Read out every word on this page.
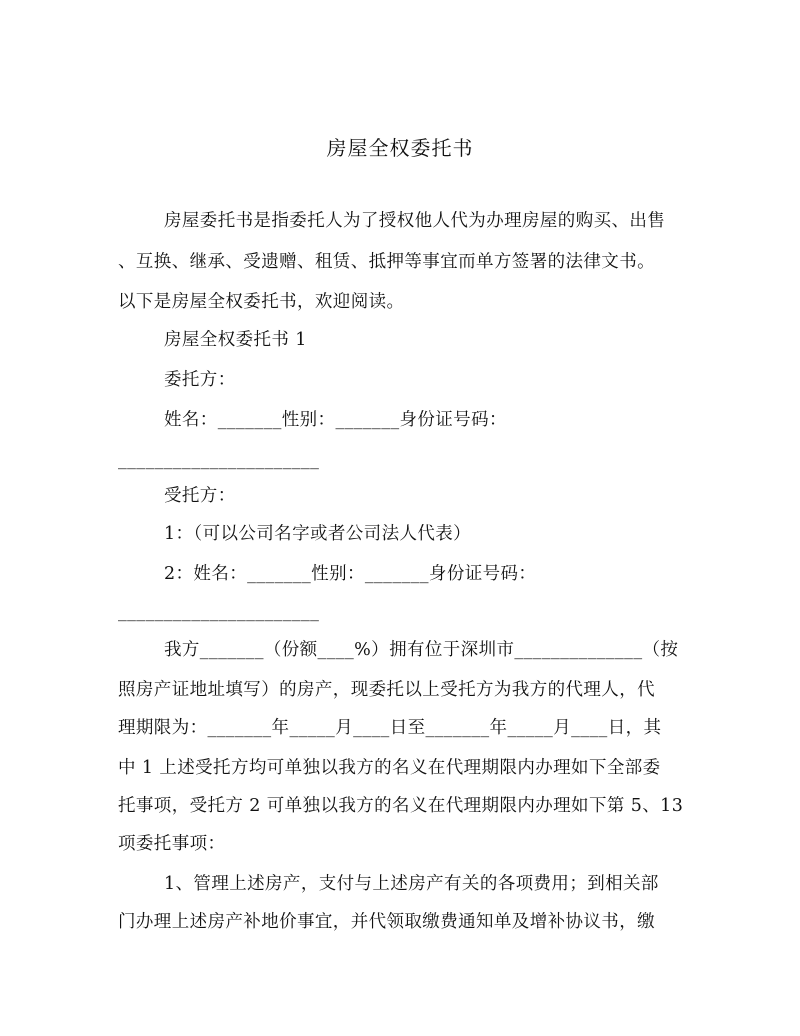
房屋全权委托书
房屋委托书是指委托人为了授权他人代为办理房屋的购买、出售
、互换、继承、受遗赠、租赁、抵押等事宜而单方签署的法律文书。
以下是房屋全权委托书，欢迎阅读。
房屋全权委托书 1
委托方：
姓名：_______性别：_______身份证号码：
______________________
受托方：
1：（可以公司名字或者公司法人代表）
2：姓名：_______性别：_______身份证号码：
______________________
我方_______（份额____%）拥有位于深圳市______________（按
照房产证地址填写）的房产，现委托以上受托方为我方的代理人，代
理期限为：_______年_____月____日至_______年_____月____日，其
中 1 上述受托方均可单独以我方的名义在代理期限内办理如下全部委
托事项，受托方 2 可单独以我方的名义在代理期限内办理如下第 5、13
项委托事项：
1、管理上述房产，支付与上述房产有关的各项费用；到相关部
门办理上述房产补地价事宜，并代领取缴费通知单及增补协议书，缴
